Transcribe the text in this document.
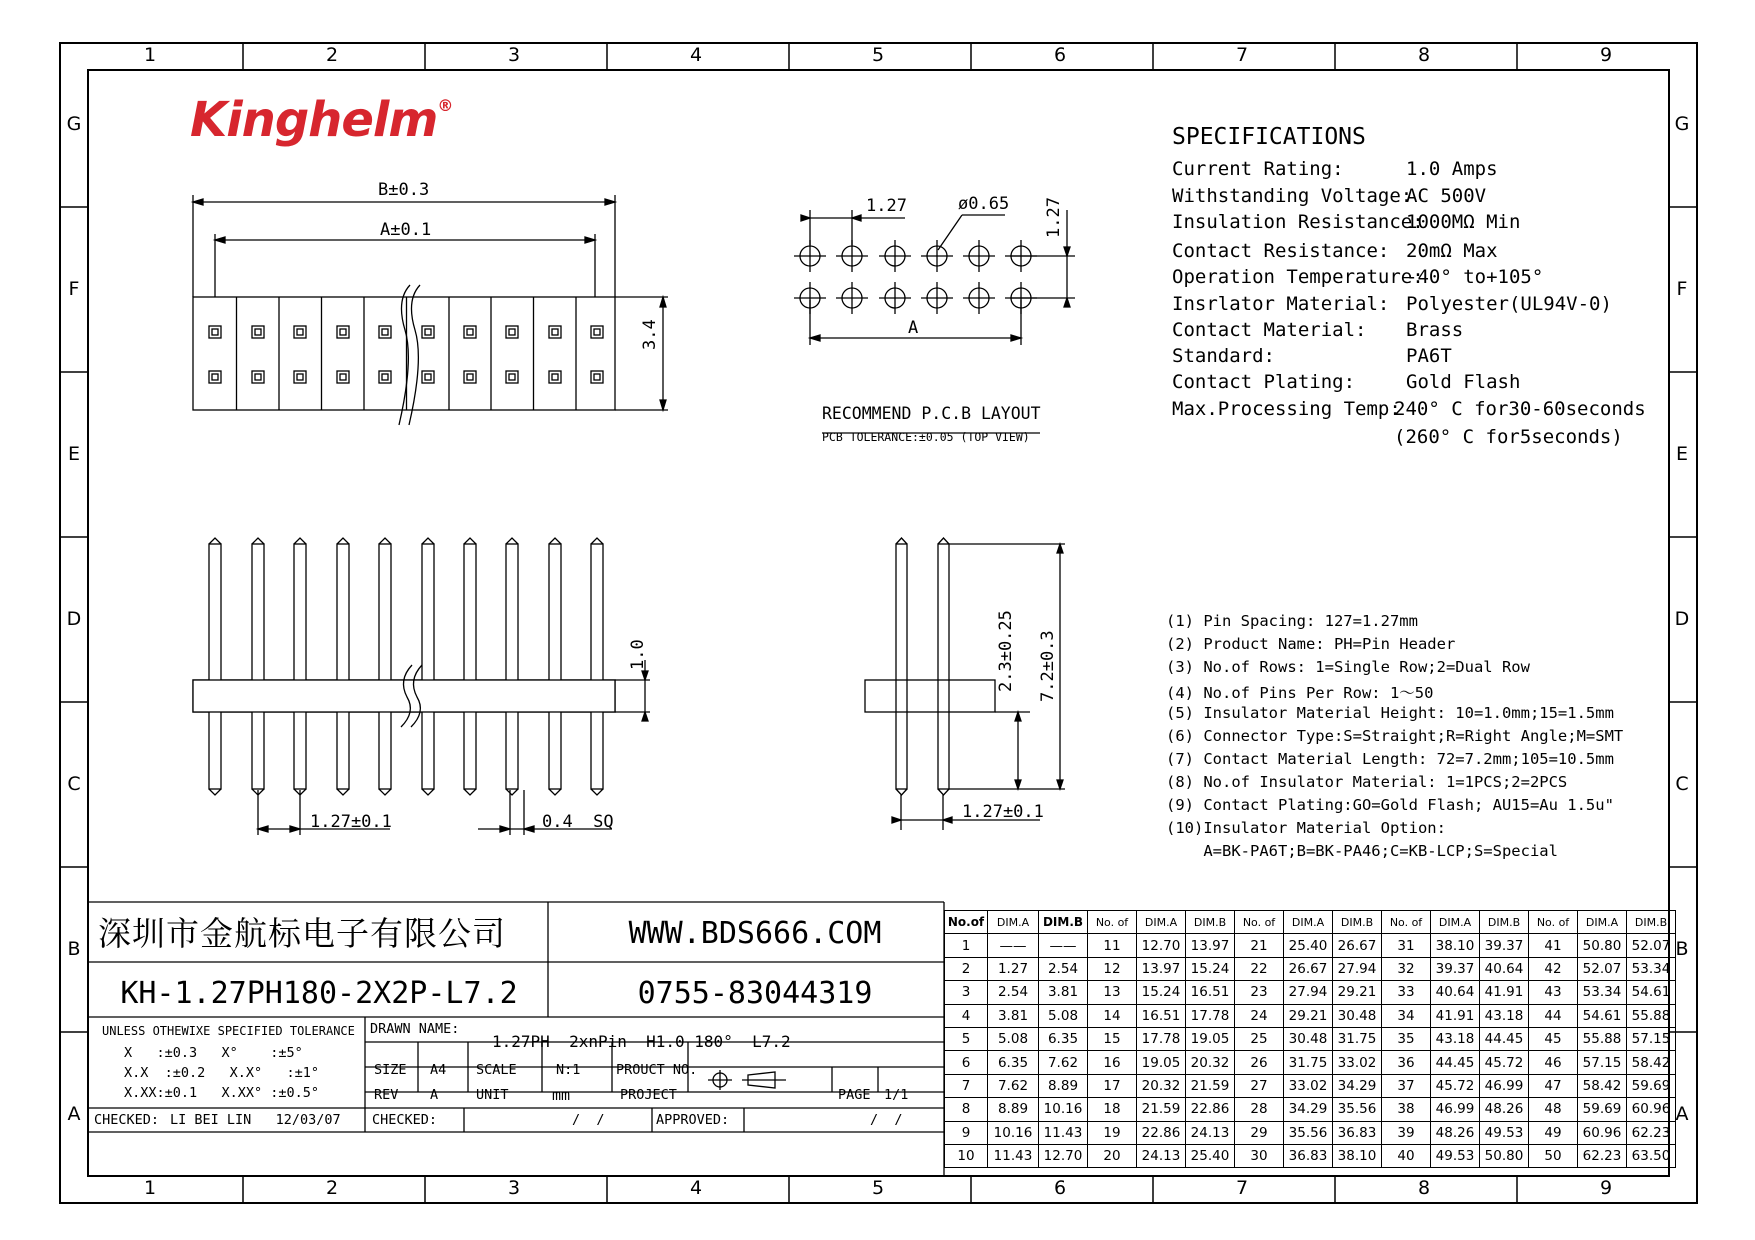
1	2	3	4	5	6	7	8	9
1	2	3	4	5	6	7	8	9
G
F
E
D
C
B
A
G
F
E
D
C
B
A
Kinghelm®
B±0.3
A±0.1
3.4
1.27	ø0.65 1.27
A
RECOMMEND P.C.B LAYOUT
PCB TOLERANCE:±0.05 (TOP VIEW)
1.0
1.27±0.1	0.4  SQ
2.3±0.25 7.2±0.3
1.27±0.1
SPECIFICATIONS
Current Rating:	1.0 Amps
Withstanding Voltage:
AC 500V
Insulation Resistance:
1000MΩ Min
Contact Resistance: 20mΩ Max
Operation Temperature:
-40° to+105°
Insrlator Material: Polyester(UL94V-0)
Contact Material: Brass
Standard:	PA6T
Contact Plating:	Gold Flash
Max.Processing Temp:
240° C for30-60seconds
(260° C for5seconds)
(1) Pin Spacing: 127=1.27mm
(2) Product Name: PH=Pin Header
(3) No.of Rows: 1=Single Row;2=Dual Row
(4) No.of Pins Per Row: 1～50
(5) Insulator Material Height: 10=1.0mm;15=1.5mm
(6) Connector Type:S=Straight;R=Right Angle;M=SMT
(7) Contact Material Length: 72=7.2mm;105=10.5mm
(8) No.of Insulator Material: 1=1PCS;2=2PCS
(9) Contact Plating:GO=Gold Flash; AU15=Au 1.5u"
(10)Insulator Material Option:
A=BK-PA6T;B=BK-PA46;C=KB-LCP;S=Special
深圳市金航标电子有限公司	WWW.BDS666.COM
KH-1.27PH180-2X2P-L7.2	0755-83044319
UNLESS OTHEWIXE SPECIFIED TOLERANCE
X   :±0.3   X°    :±5°
X.X  :±0.2   X.X°   :±1°
X.XX:±0.1   X.XX° :±0.5°
DRAWN NAME:
1.27PH  2xnPin  H1.0 180°  L7.2
SIZE A4 SCALE	N:1	PROUCT NO.
REV A	UNIT	mm	PROJECT	PAGE 1/1
CHECKED: LI BEI LIN   12/03/07 CHECKED:	/  /	APPROVED:	/  /
No.of	DIM.A	DIM.B	No. of	DIM.A	DIM.B	No. of	DIM.A	DIM.B	No. of	DIM.A	DIM.B	No. of	DIM.A	DIM.B
1	——	——	11	12.70	13.97	21	25.40	26.67	31	38.10	39.37	41	50.80	52.07
2	1.27	2.54	12	13.97	15.24	22	26.67	27.94	32	39.37	40.64	42	52.07	53.34
3	2.54	3.81	13	15.24	16.51	23	27.94	29.21	33	40.64	41.91	43	53.34	54.61
4	3.81	5.08	14	16.51	17.78	24	29.21	30.48	34	41.91	43.18	44	54.61	55.88
5	5.08	6.35	15	17.78	19.05	25	30.48	31.75	35	43.18	44.45	45	55.88	57.15
6	6.35	7.62	16	19.05	20.32	26	31.75	33.02	36	44.45	45.72	46	57.15	58.42
7	7.62	8.89	17	20.32	21.59	27	33.02	34.29	37	45.72	46.99	47	58.42	59.69
8	8.89	10.16	18	21.59	22.86	28	34.29	35.56	38	46.99	48.26	48	59.69	60.96
9	10.16	11.43	19	22.86	24.13	29	35.56	36.83	39	48.26	49.53	49	60.96	62.23
10	11.43	12.70	20	24.13	25.40	30	36.83	38.10	40	49.53	50.80	50	62.23	63.50
